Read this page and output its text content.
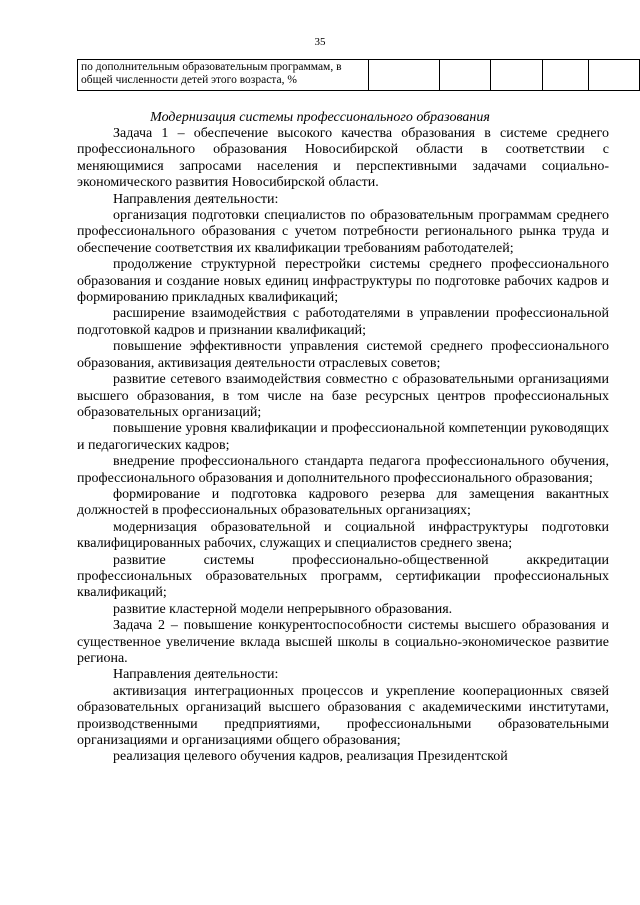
35
по дополнительным образовательным программам, в общей численности детей этого возраста, %					
Модернизация системы профессионального образования

Задача 1 – обеспечение высокого качества образования в системе среднего профессионального образования Новосибирской области в соответствии с меняющимися запросами населения и перспективными задачами социально-экономического развития Новосибирской области.

Направления деятельности:

организация подготовки специалистов по образовательным программам среднего профессионального образования с учетом потребности регионального рынка труда и обеспечение соответствия их квалификации требованиям работодателей;

продолжение структурной перестройки системы среднего профессионального образования и создание новых единиц инфраструктуры по подготовке рабочих кадров и формированию прикладных квалификаций;

расширение взаимодействия с работодателями в управлении профессиональной подготовкой кадров и признании квалификаций;

повышение эффективности управления системой среднего профессионального образования, активизация деятельности отраслевых советов;

развитие сетевого взаимодействия совместно с образовательными организациями высшего образования, в том числе на базе ресурсных центров профессиональных образовательных организаций;

повышение уровня квалификации и профессиональной компетенции руководящих и педагогических кадров;

внедрение профессионального стандарта педагога профессионального обучения, профессионального образования и дополнительного профессионального образования;

формирование и подготовка кадрового резерва для замещения вакантных должностей в профессиональных образовательных организациях;

модернизация образовательной и социальной инфраструктуры подготовки квалифицированных рабочих, служащих и специалистов среднего звена;

развитие системы профессионально-общественной аккредитации профессиональных образовательных программ, сертификации профессиональных квалификаций;

развитие кластерной модели непрерывного образования.

Задача 2 – повышение конкурентоспособности системы высшего образования и существенное увеличение вклада высшей школы в социально-экономическое развитие региона.

Направления деятельности:

активизация интеграционных процессов и укрепление кооперационных связей образовательных организаций высшего образования с академическими институтами, производственными предприятиями, профессиональными образовательными организациями и организациями общего образования;

реализация целевого обучения кадров, реализация Президентской
